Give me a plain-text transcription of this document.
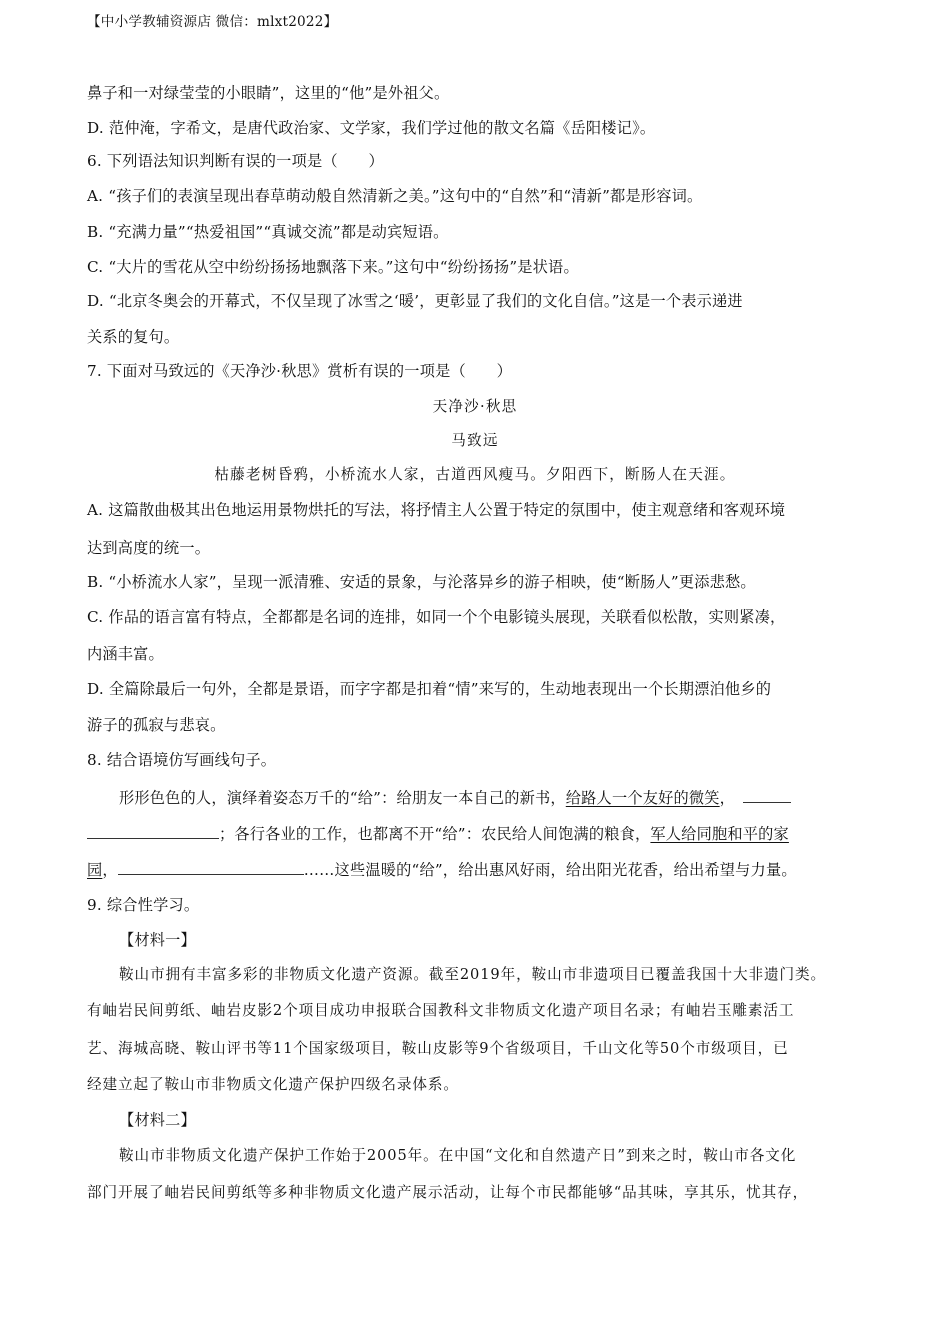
【中小学教辅资源店 微信：mlxt2022】
鼻子和一对绿莹莹的小眼睛”，这里的“他”是外祖父。
D. 范仲淹，字希文，是唐代政治家、文学家，我们学过他的散文名篇《岳阳楼记》。
6. 下列语法知识判断有误的一项是（　　）
A. “孩子们的表演呈现出春草萌动般自然清新之美。”这句中的“自然”和“清新”都是形容词。
B. “充满力量”“热爱祖国”“真诚交流”都是动宾短语。
C. “大片的雪花从空中纷纷扬扬地飘落下来。”这句中“纷纷扬扬”是状语。
D. “北京冬奥会的开幕式，不仅呈现了冰雪之‘暖’，更彰显了我们的文化自信。”这是一个表示递进
关系的复句。
7. 下面对马致远的《天净沙·秋思》赏析有误的一项是（　　）
天净沙·秋思
马致远
枯藤老树昏鸦，小桥流水人家，古道西风瘦马。夕阳西下，断肠人在天涯。
A. 这篇散曲极其出色地运用景物烘托的写法，将抒情主人公置于特定的氛围中，使主观意绪和客观环境
达到高度的统一。
B. “小桥流水人家”，呈现一派清雅、安适的景象，与沦落异乡的游子相映，使“断肠人”更添悲愁。
C. 作品的语言富有特点，全都都是名词的连排，如同一个个电影镜头展现，关联看似松散，实则紧凑，
内涵丰富。
D. 全篇除最后一句外，全都是景语，而字字都是扣着“情”来写的，生动地表现出一个长期漂泊他乡的
游子的孤寂与悲哀。
8. 结合语境仿写画线句子。
形形色色的人，演绎着姿态万千的“给”：给朋友一本自己的新书，给路人一个友好的微笑，
；各行各业的工作，也都离不开“给”：农民给人间饱满的粮食，军人给同胞和平的家
园，	……这些温暖的“给”，给出惠风好雨，给出阳光花香，给出希望与力量。
9. 综合性学习。
【材料一】
鞍山市拥有丰富多彩的非物质文化遗产资源。截至2019年，鞍山市非遗项目已覆盖我国十大非遗门类。
有岫岩民间剪纸、岫岩皮影2个项目成功申报联合国教科文非物质文化遗产项目名录；有岫岩玉雕素活工
艺、海城高晓、鞍山评书等11个国家级项目，鞍山皮影等9个省级项目，千山文化等50个市级项目，已
经建立起了鞍山市非物质文化遗产保护四级名录体系。
【材料二】
鞍山市非物质文化遗产保护工作始于2005年。在中国“文化和自然遗产日”到来之时，鞍山市各文化
部门开展了岫岩民间剪纸等多种非物质文化遗产展示活动，让每个市民都能够“品其味，享其乐，忧其存，
